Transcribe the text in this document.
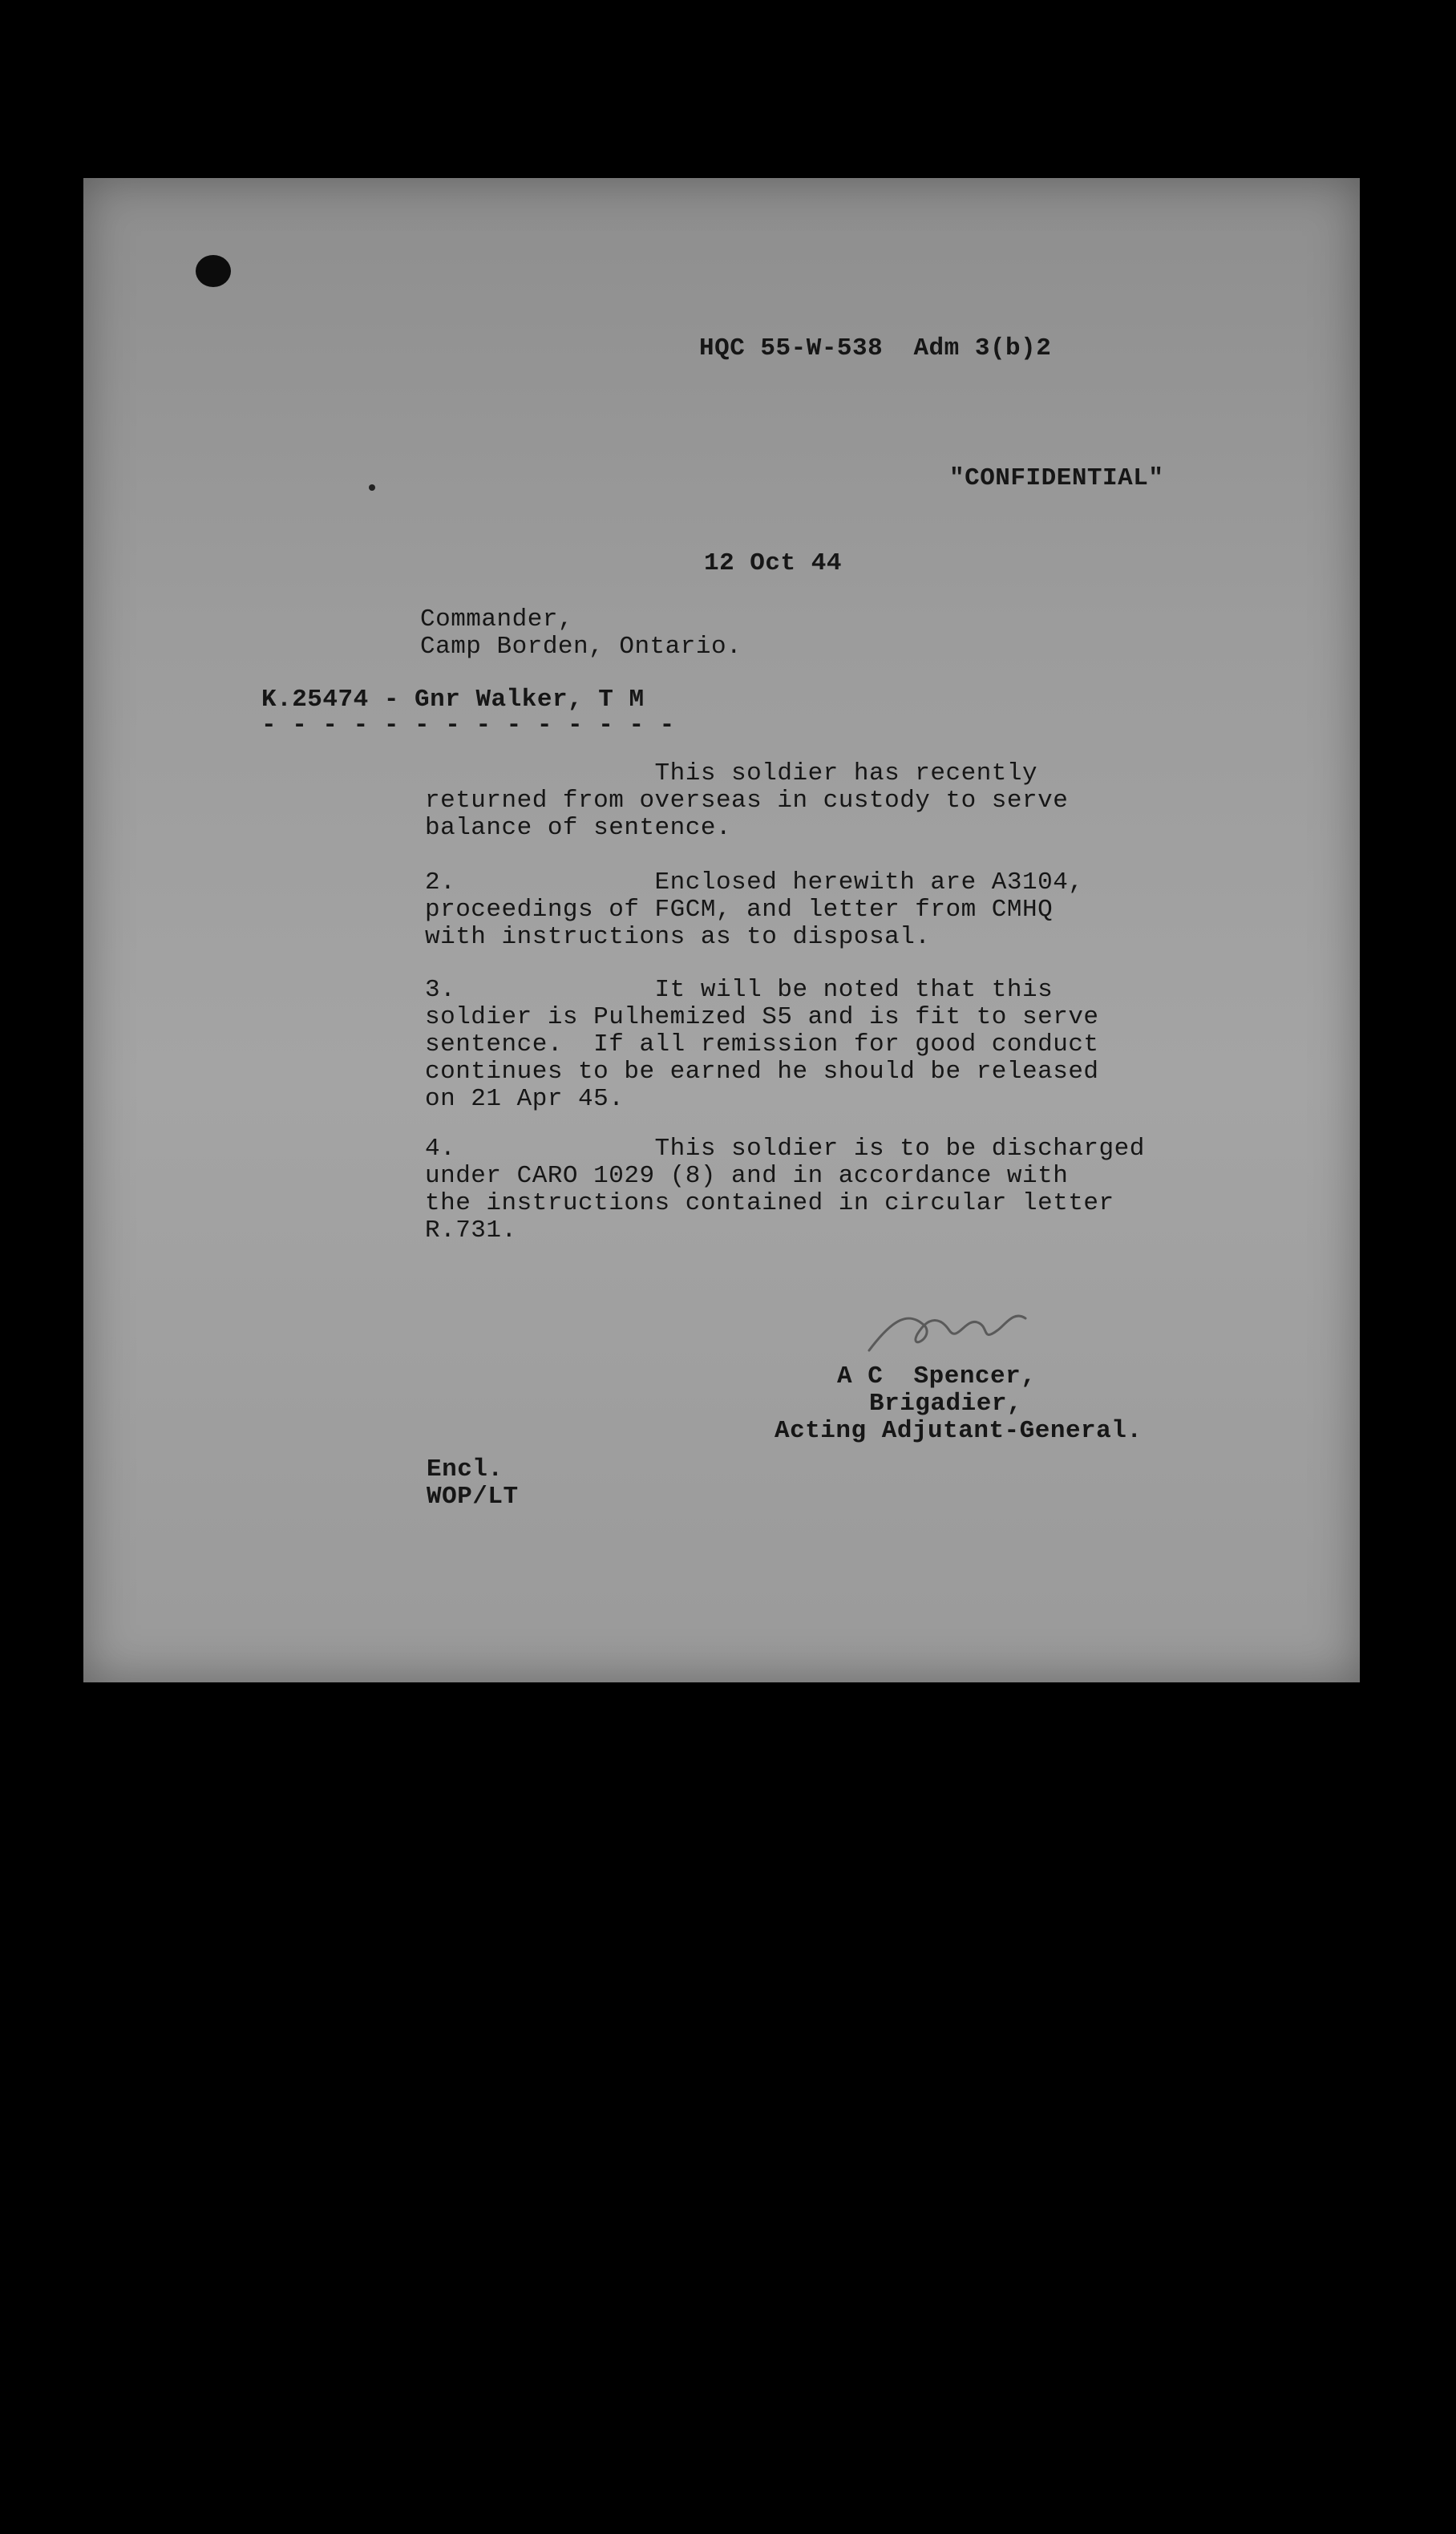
HQC 55-W-538  Adm 3(b)2
"CONFIDENTIAL"
12 Oct 44
Commander,
Camp Borden, Ontario.
K.25474 - Gnr Walker, T M
- - - - - - - - - - - - - -
This soldier has recently
returned from overseas in custody to serve
balance of sentence.
2.             Enclosed herewith are A3104,
proceedings of FGCM, and letter from CMHQ
with instructions as to disposal.
3.             It will be noted that this
soldier is Pulhemized S5 and is fit to serve
sentence.  If all remission for good conduct
continues to be earned he should be released
on 21 Apr 45.
4.             This soldier is to be discharged
under CARO 1029 (8) and in accordance with
the instructions contained in circular letter
R.731.
A C  Spencer,
Brigadier,
Acting Adjutant-General.
Encl.
WOP/LT
